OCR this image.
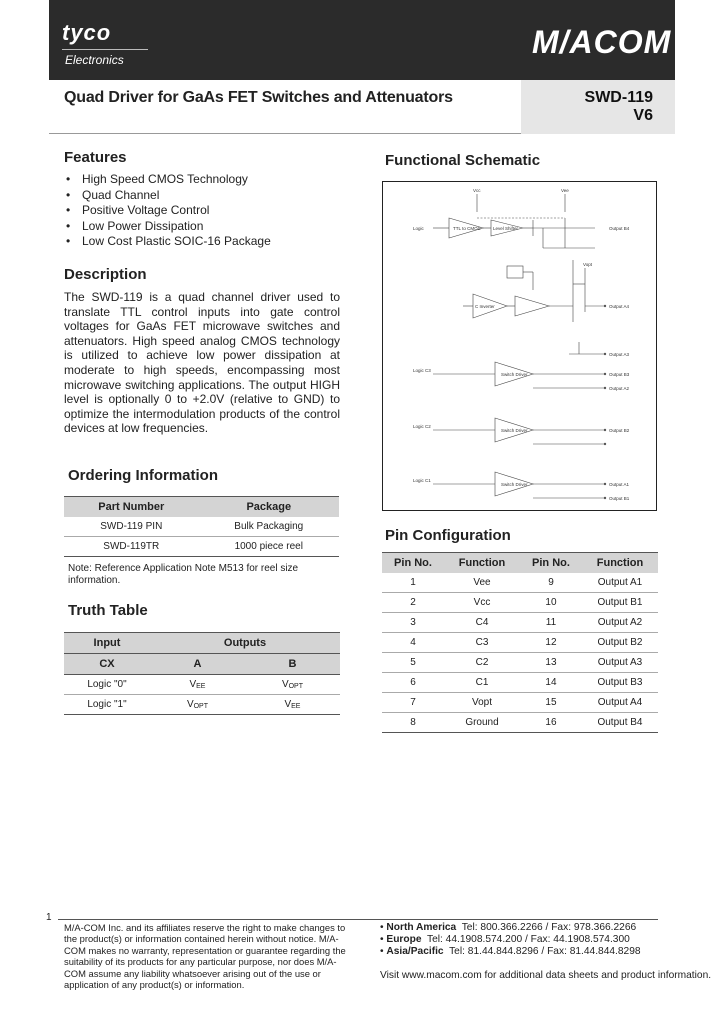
tyco
Electronics	M/ACOM
Quad Driver for GaAs FET Switches and Attenuators	SWD-119
V6
Features
• High Speed CMOS Technology
• Quad Channel
• Positive Voltage Control
• Low Power Dissipation
• Low Cost Plastic SOIC-16 Package
Description
The SWD-119 is a quad channel driver used to translate TTL control inputs into gate control voltages for GaAs FET microwave switches and attenuators. High speed analog CMOS technology is utilized to achieve low power dissipation at moderate to high speeds, encompassing most microwave switching applications. The output HIGH level is optionally 0 to +2.0V (relative to GND) to optimize the intermodulation products of the control devices at low frequencies.
Ordering Information
Part Number	Package
SWD-119 PIN	Bulk Packaging
SWD-119TR	1000 piece reel
Note: Reference Application Note M513 for reel size information.
Truth Table
Input	Outputs	
CX	A	B
Logic "0"	VEE	VOPT
Logic "1"	VOPT	VEE
Functional Schematic
Vcc	Vee
Vopt
Logic	TTL to CMOS	Level Shifter
C Inverter
Output B4
Output A4
Output A3
Output B3
Output A2
Output B2
Output A1
Output B1
Logic C3
Logic C2
Logic C1
Switch Driver
Switch Driver
Switch Driver
Pin Configuration
Pin No.	Function	Pin No.	Function
1	Vee	9	Output A1
2	Vcc	10	Output B1
3	C4	11	Output A2
4	C3	12	Output B2
5	C2	13	Output A3
6	C1	14	Output B3
7	Vopt	15	Output A4
8	Ground	16	Output B4
1
M/A-COM Inc. and its affiliates reserve the right to make changes to the product(s) or information contained herein without notice. M/A-COM makes no warranty, representation or guarantee regarding the suitability of its products for any particular purpose, nor does M/A-COM assume any liability whatsoever arising out of the use or application of any product(s) or information.
• North America Tel: 800.366.2266 / Fax: 978.366.2266
• Europe Tel: 44.1908.574.200 / Fax: 44.1908.574.300
• Asia/Pacific Tel: 81.44.844.8296 / Fax: 81.44.844.8298
Visit www.macom.com for additional data sheets and product information.
